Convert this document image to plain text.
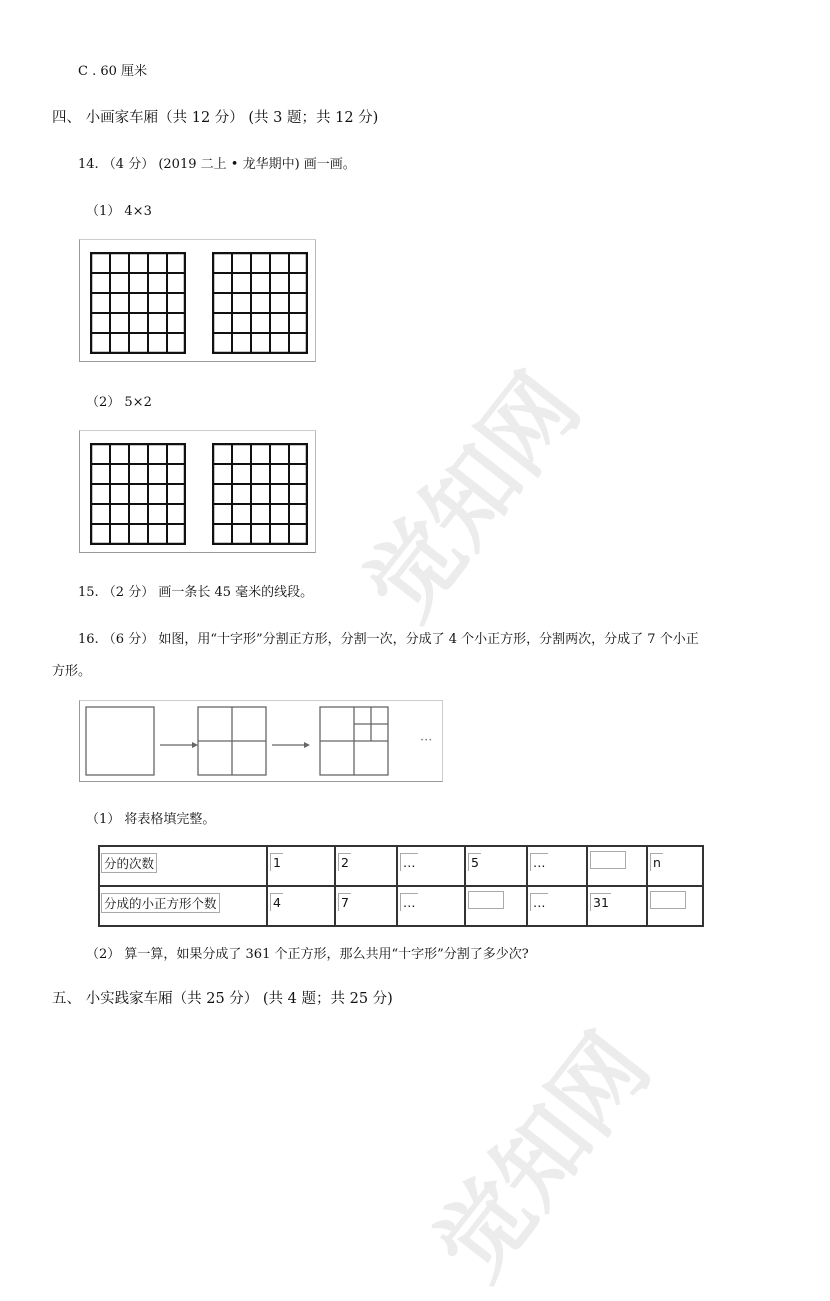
觉知网
觉知网
C . 60 厘米
四、 小画家车厢（共 12 分） (共 3 题；共 12 分)
14. （4 分） (2019 二上 • 龙华期中) 画一画。
（1） 4×3
（2） 5×2
15. （2 分） 画一条长 45 毫米的线段。
16. （6 分） 如图，用“十字形”分割正方形，分割一次，分成了 4 个小正方形，分割两次，分成了 7 个小正
方形。
···
（1） 将表格填完整。
分的次数	1	2	…	5	…		n

分成的小正方形个数	4	7	…		…	31	

（2） 算一算，如果分成了 361 个正方形，那么共用“十字形”分割了多少次?
五、 小实践家车厢（共 25 分） (共 4 题；共 25 分)
